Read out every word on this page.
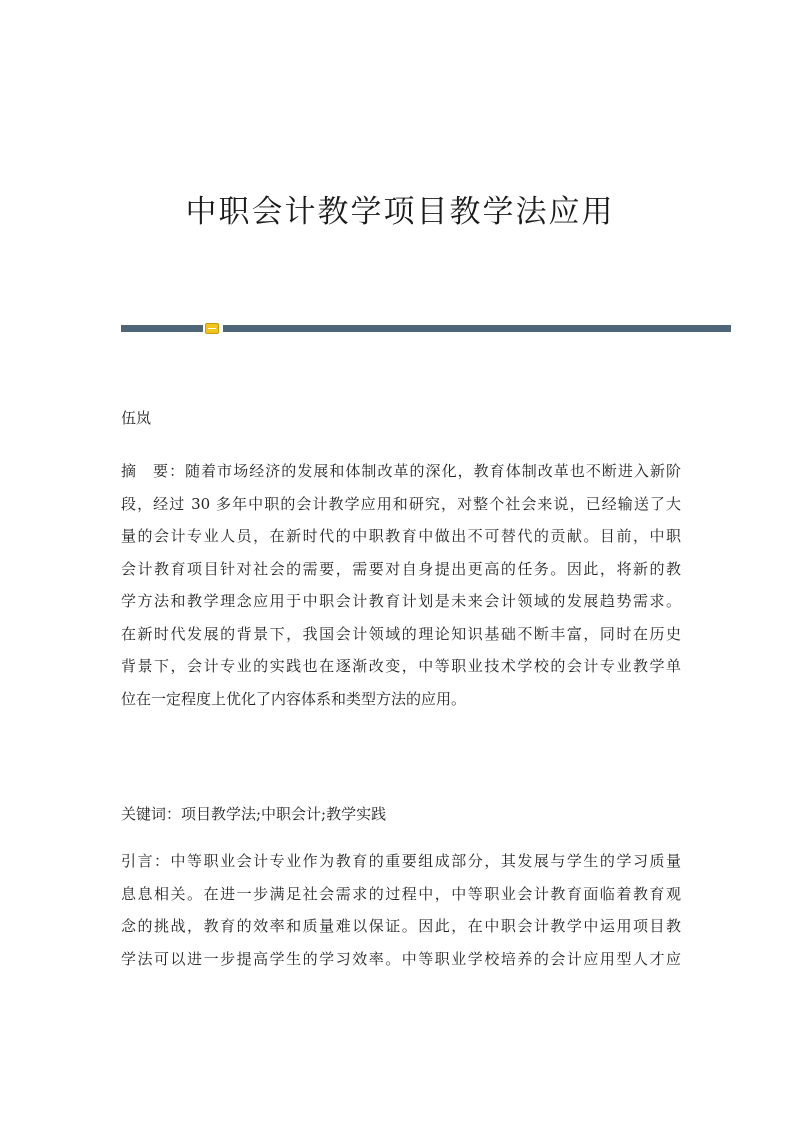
中职会计教学项目教学法应用

伍岚

摘　要：随着市场经济的发展和体制改革的深化，教育体制改革也不断进入新阶
段，经过 30 多年中职的会计教学应用和研究，对整个社会来说，已经输送了大
量的会计专业人员，在新时代的中职教育中做出不可替代的贡献。目前，中职
会计教育项目针对社会的需要，需要对自身提出更高的任务。因此，将新的教
学方法和教学理念应用于中职会计教育计划是未来会计领域的发展趋势需求。
在新时代发展的背景下，我国会计领域的理论知识基础不断丰富，同时在历史
背景下，会计专业的实践也在逐渐改变，中等职业技术学校的会计专业教学单
位在一定程度上优化了内容体系和类型方法的应用。

关键词：项目教学法;中职会计;教学实践

引言：中等职业会计专业作为教育的重要组成部分，其发展与学生的学习质量
息息相关。在进一步满足社会需求的过程中，中等职业会计教育面临着教育观
念的挑战，教育的效率和质量难以保证。因此，在中职会计教学中运用项目教
学法可以进一步提高学生的学习效率。中等职业学校培养的会计应用型人才应
